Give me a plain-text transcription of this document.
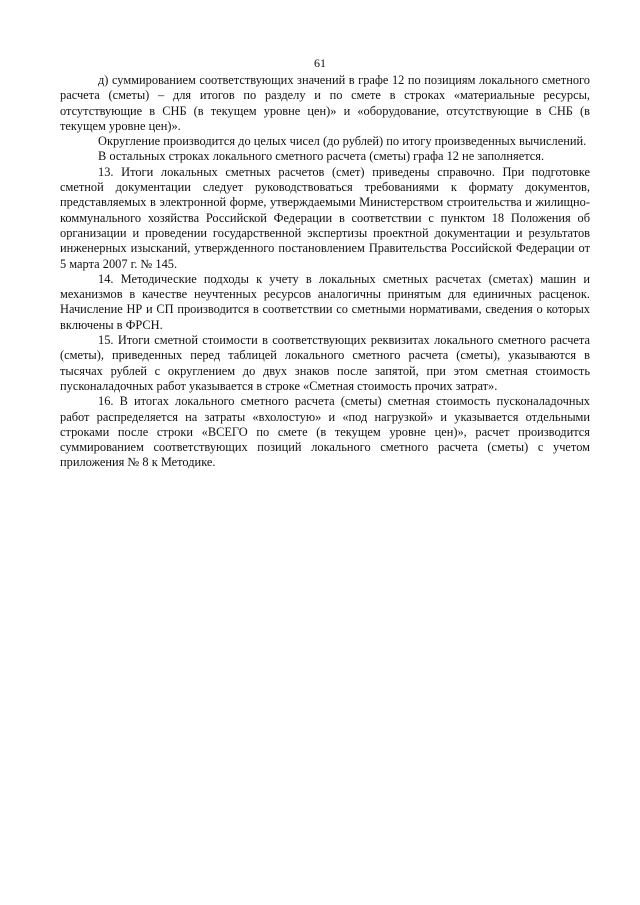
61

д) суммированием соответствующих значений в графе 12 по позициям локального сметного расчета (сметы) – для итогов по разделу и по смете в строках «материальные ресурсы, отсутствующие в СНБ (в текущем уровне цен)» и «оборудование, отсутствующие в СНБ (в текущем уровне цен)».

Округление производится до целых чисел (до рублей) по итогу произведенных вычислений.

В остальных строках локального сметного расчета (сметы) графа 12 не заполняется.

13. Итоги локальных сметных расчетов (смет) приведены справочно. При подготовке сметной документации следует руководствоваться требованиями к формату документов, представляемых в электронной форме, утверждаемыми Министерством строительства и жилищно-коммунального хозяйства Российской Федерации в соответствии с пунктом 18 Положения об организации и проведении государственной экспертизы проектной документации и результатов инженерных изысканий, утвержденного постановлением Правительства Российской Федерации от 5 марта 2007 г. № 145.

14. Методические подходы к учету в локальных сметных расчетах (сметах) машин и механизмов в качестве неучтенных ресурсов аналогичны принятым для единичных расценок. Начисление НР и СП производится в соответствии со сметными нормативами, сведения о которых включены в ФРСН.

15. Итоги сметной стоимости в соответствующих реквизитах локального сметного расчета (сметы), приведенных перед таблицей локального сметного расчета (сметы), указываются в тысячах рублей с округлением до двух знаков после запятой, при этом сметная стоимость пусконаладочных работ указывается в строке «Сметная стоимость прочих затрат».

16. В итогах локального сметного расчета (сметы) сметная стоимость пусконаладочных работ распределяется на затраты «вхолостую» и «под нагрузкой» и указывается отдельными строками после строки «ВСЕГО по смете (в текущем уровне цен)», расчет производится суммированием соответствующих позиций локального сметного расчета (сметы) с учетом приложения № 8 к Методике.
